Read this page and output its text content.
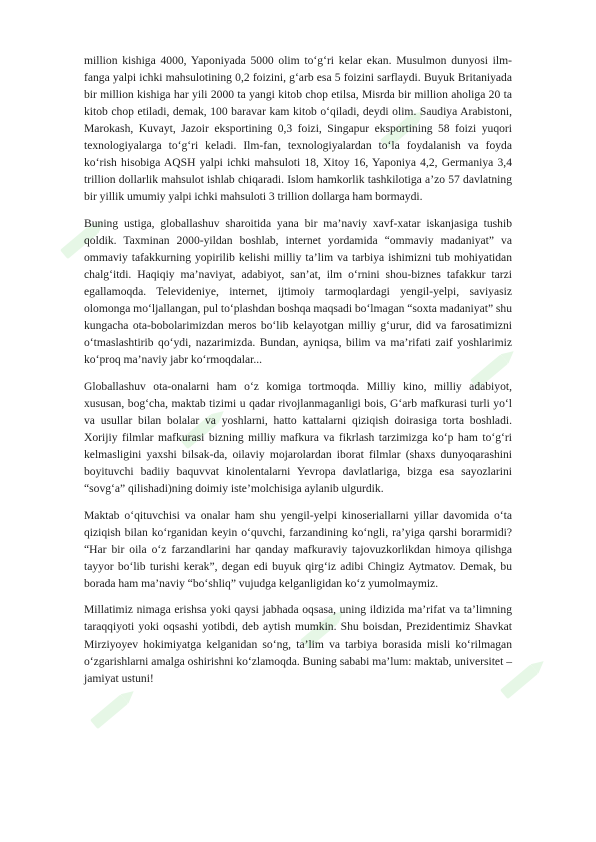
million kishiga 4000, Yaponiyada 5000 olim to‘g‘ri kelar ekan. Musulmon dunyosi ilm-fanga yalpi ichki mahsulotining 0,2 foizini, g‘arb esa 5 foizini sarflaydi. Buyuk Britaniyada bir million kishiga har yili 2000 ta yangi kitob chop etilsa, Misrda bir million aholiga 20 ta kitob chop etiladi, demak, 100 baravar kam kitob o‘qiladi, deydi olim. Saudiya Arabistoni, Marokash, Kuvayt, Jazoir eksportining 0,3 foizi, Singapur eksportining 58 foizi yuqori texnologiyalarga to‘g‘ri keladi. Ilm-fan, texnologiyalardan to‘la foydalanish va foyda ko‘rish hisobiga AQSH yalpi ichki mahsuloti 18, Xitoy 16, Yaponiya 4,2, Germaniya 3,4 trillion dollarlik mahsulot ishlab chiqaradi. Islom hamkorlik tashkilotiga a’zo 57 davlatning bir yillik umumiy yalpi ichki mahsuloti 3 trillion dollarga ham bormaydi.

Buning ustiga, globallashuv sharoitida yana bir ma’naviy xavf-xatar iskanjasiga tushib qoldik. Taxminan 2000-yildan boshlab, internet yordamida “ommaviy madaniyat” va ommaviy tafakkurning yopirilib kelishi milliy ta’lim va tarbiya ishimizni tub mohiyatidan chalg‘itdi. Haqiqiy ma’naviyat, adabiyot, san’at, ilm o‘rnini shou-biznes tafakkur tarzi egallamoqda. Televideniye, internet, ijtimoiy tarmoqlardagi yengil-yelpi, saviyasiz olomonga mo‘ljallangan, pul to‘plashdan boshqa maqsadi bo‘lmagan “soxta madaniyat” shu kungacha ota-bobolarimizdan meros bo‘lib kelayotgan milliy g‘urur, did va farosatimizni o‘tmaslashtirib qo‘ydi, nazarimizda. Bundan, ayniqsa, bilim va ma’rifati zaif yoshlarimiz ko‘proq ma’naviy jabr ko‘rmoqdalar...

Globallashuv ota-onalarni ham o‘z komiga tortmoqda. Milliy kino, milliy adabiyot, xususan, bog‘cha, maktab tizimi u qadar rivojlanmaganligi bois, G‘arb mafkurasi turli yo‘l va usullar bilan bolalar va yoshlarni, hatto kattalarni qiziqish doirasiga torta boshladi. Xorijiy filmlar mafkurasi bizning milliy mafkura va fikrlash tarzimizga ko‘p ham to‘g‘ri kelmasligini yaxshi bilsak-da, oilaviy mojarolardan iborat filmlar (shaxs dunyoqarashini boyituvchi badiiy baquvvat kinolentalarni Yevropa davlatlariga, bizga esa sayozlarini “sovg‘a” qilishadi)ning doimiy iste’molchisiga aylanib ulgurdik.

Maktab o‘qituvchisi va onalar ham shu yengil-yelpi kinoseriallarni yillar davomida o‘ta qiziqish bilan ko‘rganidan keyin o‘quvchi, farzandining ko‘ngli, ra’yiga qarshi borarmidi? “Har bir oila o‘z farzandlarini har qanday mafkuraviy tajovuzkorlikdan himoya qilishga tayyor bo‘lib turishi kerak”, degan edi buyuk qirg‘iz adibi Chingiz Aytmatov. Demak, bu borada ham ma’naviy “bo‘shliq” vujudga kelganligidan ko‘z yumolmaymiz.

Millatimiz nimaga erishsa yoki qaysi jabhada oqsasa, uning ildizida ma’rifat va ta’limning taraqqiyoti yoki oqsashi yotibdi, deb aytish mumkin. Shu boisdan, Prezidentimiz Shavkat Mirziyoyev hokimiyatga kelganidan so‘ng, ta’lim va tarbiya borasida misli ko‘rilmagan o‘zgarishlarni amalga oshirishni ko‘zlamoqda. Buning sababi ma’lum: maktab, universitet – jamiyat ustuni!
